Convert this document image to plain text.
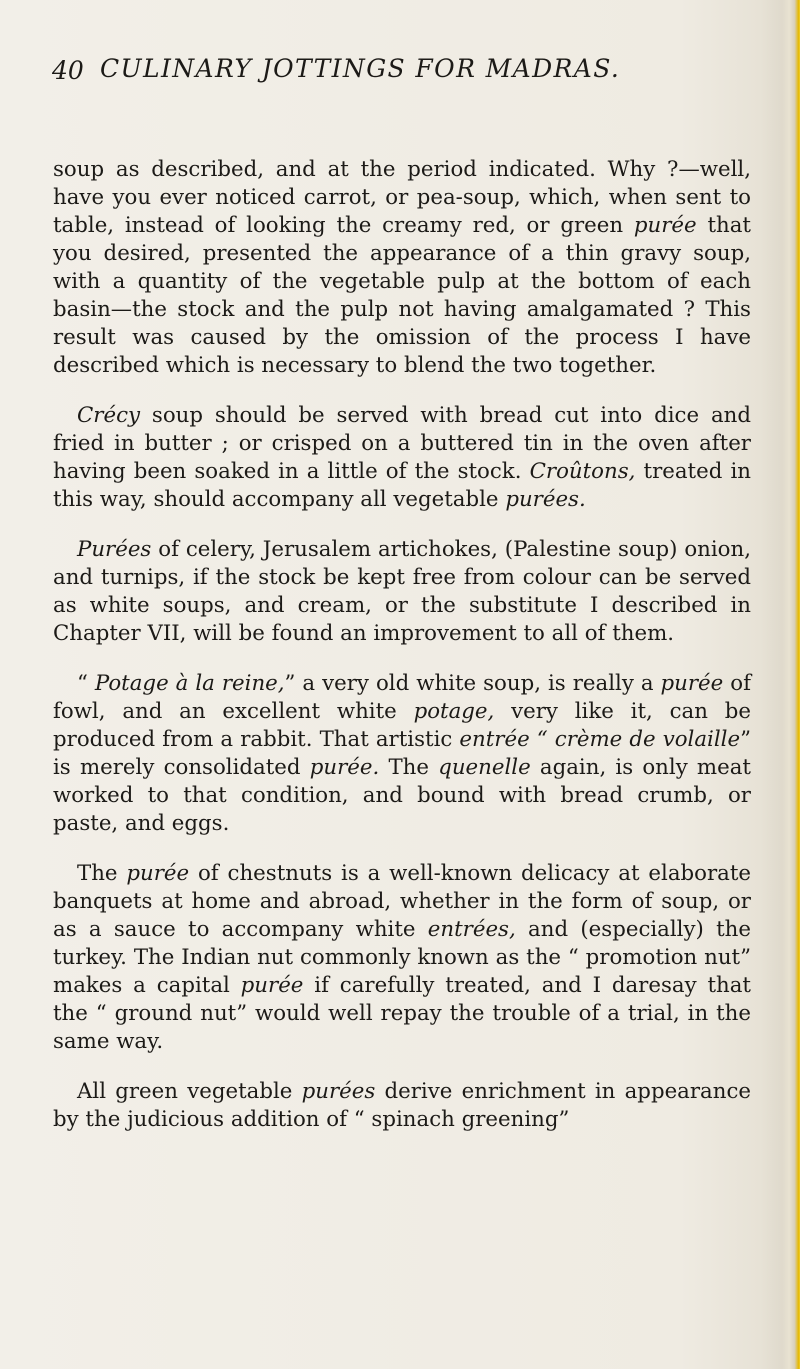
40 CULINARY JOTTINGS FOR MADRAS.

soup as described, and at the period indicated. Why ?—well, have you ever noticed carrot, or pea-soup, which, when sent to table, instead of looking the creamy red, or green purée that you desired, presented the appearance of a thin gravy soup, with a quantity of the vegetable pulp at the bottom of each basin—the stock and the pulp not having amalgamated ? This result was caused by the omission of the process I have described which is necessary to blend the two together.

Crécy soup should be served with bread cut into dice and fried in butter ; or crisped on a buttered tin in the oven after having been soaked in a little of the stock. Croûtons, treated in this way, should accompany all vegetable purées.

Purées of celery, Jerusalem artichokes, (Palestine soup) onion, and turnips, if the stock be kept free from colour can be served as white soups, and cream, or the substitute I described in Chapter VII, will be found an improvement to all of them.

“ Potage à la reine,” a very old white soup, is really a purée of fowl, and an excellent white potage, very like it, can be produced from a rabbit. That artistic entrée “ crème de volaille” is merely consolidated purée. The quenelle again, is only meat worked to that condition, and bound with bread crumb, or paste, and eggs.

The purée of chestnuts is a well-known delicacy at elaborate banquets at home and abroad, whether in the form of soup, or as a sauce to accompany white entrées, and (especially) the turkey. The Indian nut commonly known as the “ promotion nut” makes a capital purée if carefully treated, and I daresay that the “ ground nut” would well repay the trouble of a trial, in the same way.

All green vegetable purées derive enrichment in appearance by the judicious addition of “ spinach greening”
